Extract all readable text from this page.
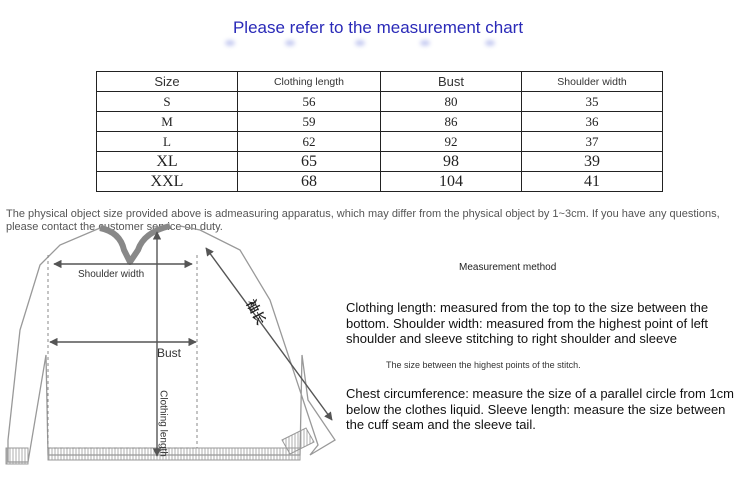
Please refer to the measurement chart
Size	Clothing length	Bust	Shoulder width
S	56	80	35
M	59	86	36
L	62	92	37
XL	65	98	39
XXL	68	104	41
The physical object size provided above is admeasuring apparatus, which may differ from the physical object by 1~3cm. If you have any questions, please contact the customer service on duty.
Shoulder width
Bust
Clothing length
袖长
Measurement method
Clothing length: measured from the top to the size between the bottom. Shoulder width: measured from the highest point of left shoulder and sleeve stitching to right shoulder and sleeve
The size between the highest points of the stitch.
Chest circumference: measure the size of a parallel circle from 1cm below the clothes liquid. Sleeve length: measure the size between the cuff seam and the sleeve tail.
